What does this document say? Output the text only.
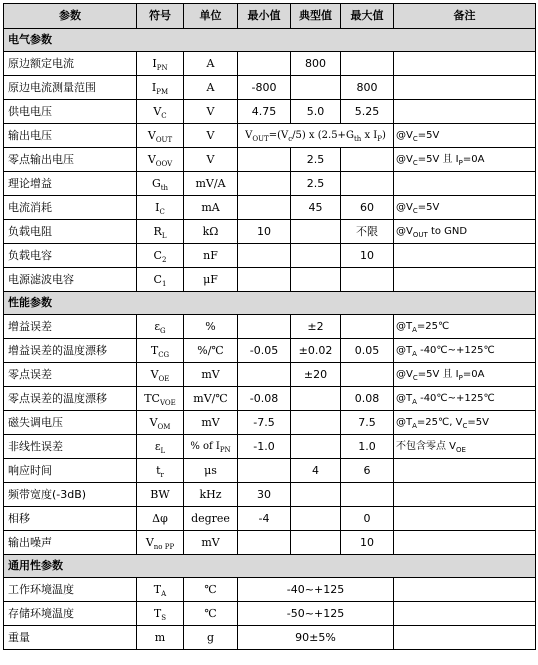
参数	符号	单位	最小值	典型值	最大值	备注
电气参数						
原边额定电流	$I_{PN}$	A		800		
原边电流测量范围	$I_{PM}$	A	-800		800	
供电电压	$V_C$	V	4.75	5.0	5.25	
输出电压	$V_{OUT}$	V	$V_{OUT}=(V_c/5)$ x ($2.5+G_{th}$ x $I_P$)			$@V_C=5V$
零点输出电压	$V_{OOV}$	V		2.5		$@V_C=5V$ 且 $I_P=0A$
理论增益	$G_{th}$	mV/A		2.5		
电流消耗	$I_C$	mA		45	60	$@V_C=5V$
负载电阻	$R_L$	kΩ	10		不限	$@V_{OUT}$ to GND
负载电容	$C_2$	nF			10	
电源滤波电容	$C_1$	μF				
性能参数						
增益误差	$\varepsilon_G$	%		±2		$@T_A=25℃$
增益误差的温度漂移	$T_{CG}$	%/℃	-0.05	±0.02	0.05	$@T_A$ -40℃~+125℃
零点误差	$V_{OE}$	mV		±20		$@V_C=5V$ 且 $I_P=0A$
零点误差的温度漂移	$TC_{VOE}$	mV/℃	-0.08		0.08	$@T_A$ -40℃~+125℃
磁失调电压	$V_{OM}$	mV	-7.5		7.5	$@T_A=25℃$, $V_C=5V$
非线性误差	$\varepsilon_L$	% of $I_{PN}$	-1.0		1.0	不包含零点 $V_{OE}$
响应时间	$t_r$	μs		4	6	
频带宽度(-3dB)	BW	kHz	30			
相移	Δφ	degree	-4		0	
输出噪声	$V_{no PP}$	mV			10	
通用性参数						
工作环境温度	$T_A$	℃	-40~+125			
存储环境温度	$T_S$	℃	-50~+125			
重量	m	g	90±5%			
